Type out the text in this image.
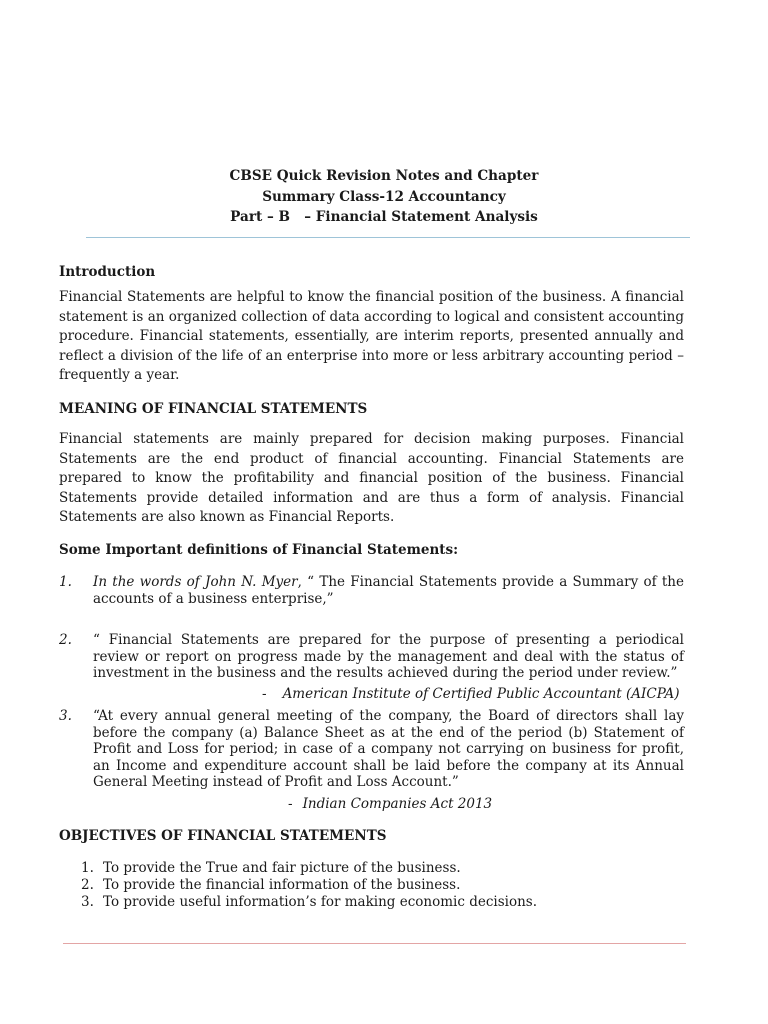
CBSE Quick Revision Notes and Chapter
Summary Class-12 Accountancy
Part – B   – Financial Statement Analysis
Introduction

Financial Statements are helpful to know the financial position of the business. A financial statement is an organized collection of data according to logical and consistent accounting procedure. Financial statements, essentially, are interim reports, presented annually and reflect a division of the life of an enterprise into more or less arbitrary accounting period – frequently a year.

MEANING OF FINANCIAL STATEMENTS

Financial statements are mainly prepared for decision making purposes. Financial Statements are the end product of financial accounting. Financial Statements are prepared to know the profitability and financial position of the business. Financial Statements provide detailed information and are thus a form of analysis. Financial Statements are also known as Financial Reports.

Some Important definitions of Financial Statements:
1. In the words of John N. Myer, “ The Financial Statements provide a Summary of the accounts of a business enterprise,”
2. “ Financial Statements are prepared for the purpose of presenting a periodical review or report on progress made by the management and deal with the status of investment in the business and the results achieved during the period under review.”
- American Institute of Certified Public Accountant (AICPA)
3. “At every annual general meeting of the company, the Board of directors shall lay before the company (a) Balance Sheet as at the end of the period (b) Statement of Profit and Loss for period; in case of a company not carrying on business for profit, an Income and expenditure account shall be laid before the company at its Annual General Meeting instead of Profit and Loss Account.”
- Indian Companies Act 2013
OBJECTIVES OF FINANCIAL STATEMENTS
1. To provide the True and fair picture of the business.
2. To provide the financial information of the business.
3. To provide useful information’s for making economic decisions.
